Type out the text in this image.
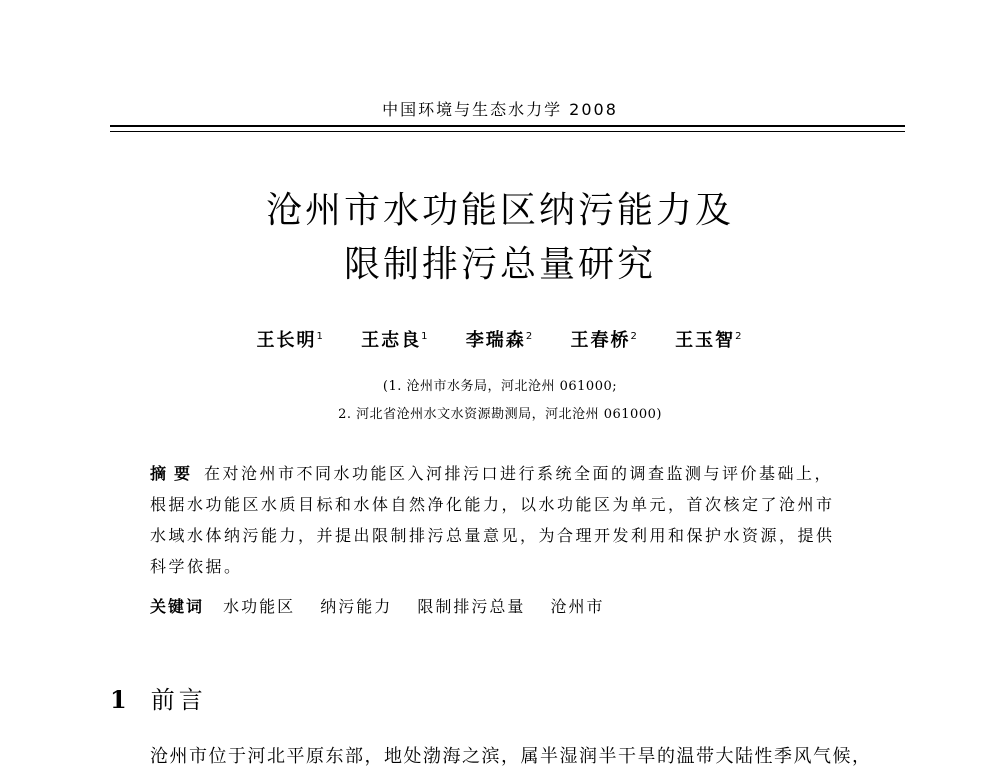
中国环境与生态水力学 2008
沧州市水功能区纳污能力及
限制排污总量研究
王长明$^1$ 王志良$^1$ 李瑞森$^2$ 王春桥$^2$ 王玉智$^2$
(1. 沧州市水务局，河北沧州 061000;
2. 河北省沧州水文水资源勘测局，河北沧州 061000)
摘要 在对沧州市不同水功能区入河排污口进行系统全面的调查监测与评价基础上，根据水功能区水质目标和水体自然净化能力，以水功能区为单元，首次核定了沧州市水域水体纳污能力，并提出限制排污总量意见，为合理开发利用和保护水资源，提供科学依据。
关键词 水功能区 纳污能力 限制排污总量 沧州市
1 前言
沧州市位于河北平原东部，地处渤海之滨，属半湿润半干旱的温带大陆性季风气候，
